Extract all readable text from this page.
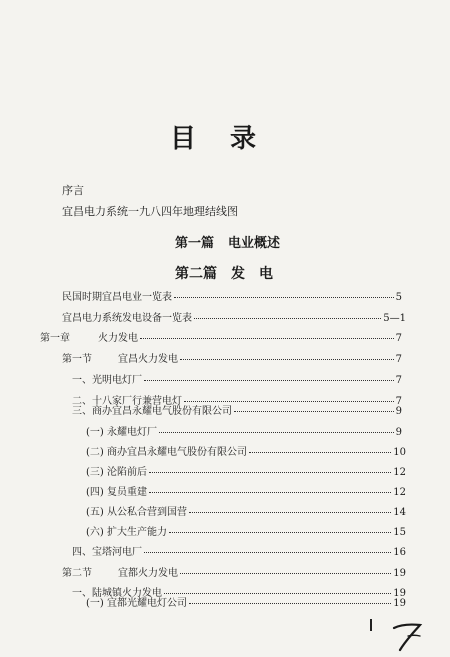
目 录
序言
宜昌电力系统一九八四年地理结线图
第一篇 电业概述
第二篇 发　电
民国时期宜昌电业一览表	5
宜昌电力系统发电设备一览表	5—1
第一章	火力发电	7
第一节	宜昌火力发电	7
一、光明电灯厂	7
二、十八家厂行兼营电灯	7
三、商办宜昌永耀电气股份有限公司	9
(一) 永耀电灯厂	9
(二) 商办宜昌永耀电气股份有限公司	10
(三) 沦陷前后	12
(四) 复员重建	12
(五) 从公私合营到国营	14
(六) 扩大生产能力	15
四、宝塔河电厂	16
第二节	宜都火力发电	19
一、陆城镇火力发电	19
(一) 宜都光耀电灯公司	19
